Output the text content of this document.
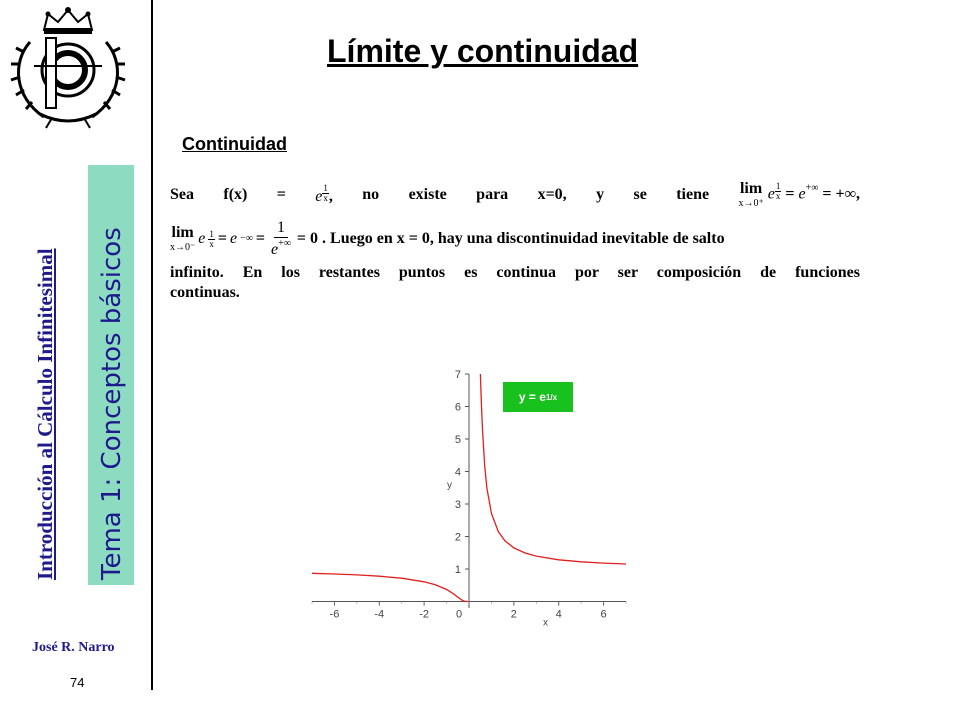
Introducción al Cálculo Infinitesimal Tema 1: Conceptos básicos
José R. Narro
74
Límite y continuidad
Continuidad
Sea f(x) = e $\frac{1}{x}$ , no existe para x=0, y se tiene lim
x→0⁺
e $\frac{1}{x} = e^{+\infty}$ = +∞,
lim
x→0⁻
e $\frac{1}{x} = e$ −∞ = $\frac{1}{e^{+\infty}} = 0$ . Luego en x = 0, hay una discontinuidad inevitable de salto

infinito. En los restantes puntos es continua por ser composición de funciones

continuas.

-6	-4	-2 0	2	4	6
1
2
3
4
5
6
7
x
y
y = e 1/x
